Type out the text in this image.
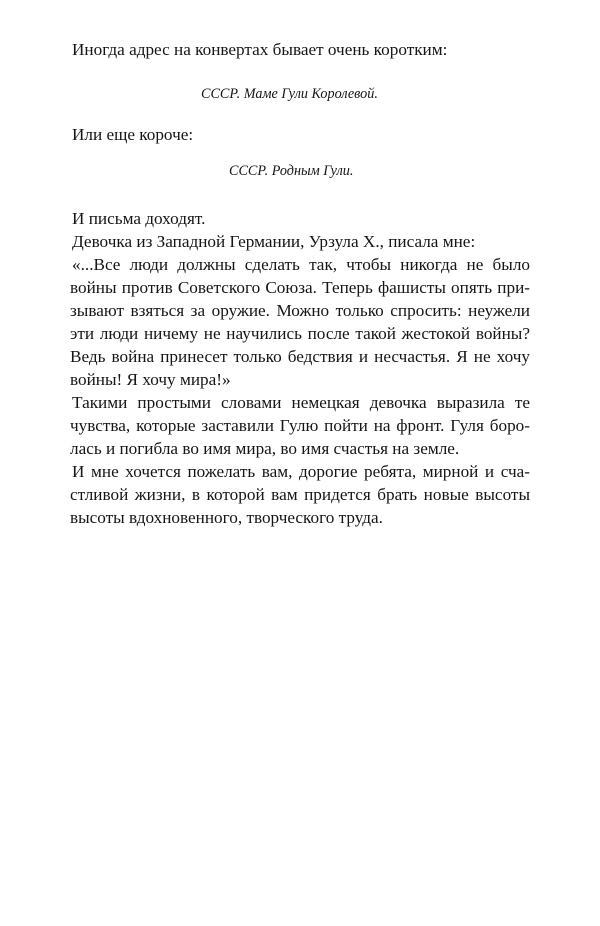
Иногда адрес на конвертах бывает очень коротким:
СССР. Маме Гули Королевой.
Или еще короче:
СССР. Родным Гули.
И письма доходят.
Девочка из Западной Германии, Урзула Х., писала мне:
«...Все люди должны сделать так, чтобы никогда не было
войны против Советского Союза. Теперь фашисты опять при-
зывают взяться за оружие. Можно только спросить: неужели
эти люди ничему не научились после такой жестокой войны?
Ведь война принесет только бедствия и несчастья. Я не хочу
войны! Я хочу мира!»
Такими простыми словами немецкая девочка выразила те
чувства, которые заставили Гулю пойти на фронт. Гуля боро-
лась и погибла во имя мира, во имя счастья на земле.
И мне хочется пожелать вам, дорогие ребята, мирной и сча-
стливой жизни, в которой вам придется брать новые высоты
высоты вдохновенного, творческого труда.
